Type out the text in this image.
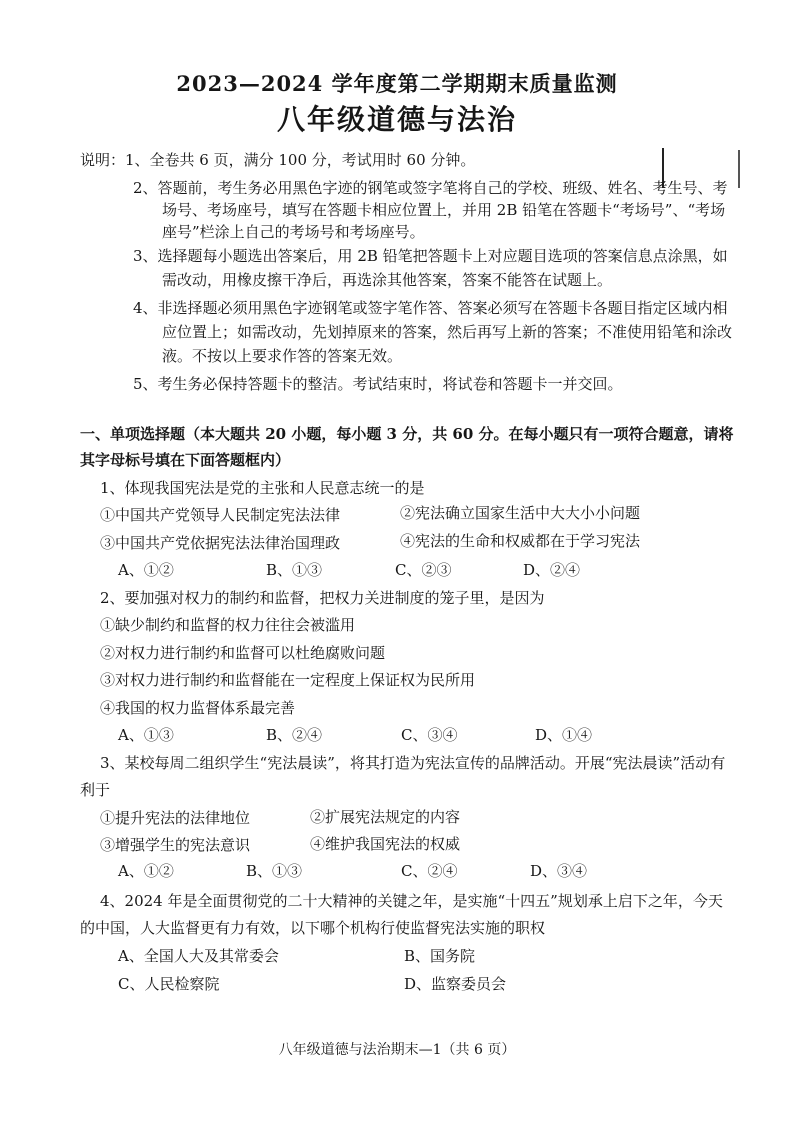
2023—2024 学年度第二学期期末质量监测
八年级道德与法治
说明：1、全卷共 6 页，满分 100 分，考试用时 60 分钟。
2、答题前，考生务必用黑色字迹的钢笔或签字笔将自己的学校、班级、姓名、考生号、考
场号、考场座号，填写在答题卡相应位置上，并用 2B 铅笔在答题卡“考场号”、“考场
座号”栏涂上自己的考场号和考场座号。
3、选择题每小题选出答案后，用 2B 铅笔把答题卡上对应题目选项的答案信息点涂黑，如
需改动，用橡皮擦干净后，再选涂其他答案，答案不能答在试题上。
4、非选择题必须用黑色字迹钢笔或签字笔作答、答案必须写在答题卡各题目指定区域内相
应位置上；如需改动，先划掉原来的答案，然后再写上新的答案；不准使用铅笔和涂改
液。不按以上要求作答的答案无效。
5、考生务必保持答题卡的整洁。考试结束时，将试卷和答题卡一并交回。
一、单项选择题（本大题共 20 小题，每小题 3 分，共 60 分。在每小题只有一项符合题意，请将
其字母标号填在下面答题框内）
1、体现我国宪法是党的主张和人民意志统一的是
①中国共产党领导人民制定宪法法律	②宪法确立国家生活中大大小小问题
③中国共产党依据宪法法律治国理政	④宪法的生命和权威都在于学习宪法
A、①②	B、①③	C、②③	D、②④
2、要加强对权力的制约和监督，把权力关进制度的笼子里，是因为
①缺少制约和监督的权力往往会被滥用
②对权力进行制约和监督可以杜绝腐败问题
③对权力进行制约和监督能在一定程度上保证权为民所用
④我国的权力监督体系最完善
A、①③	B、②④	C、③④	D、①④
3、某校每周二组织学生“宪法晨读”，将其打造为宪法宣传的品牌活动。开展“宪法晨读”活动有
利于
①提升宪法的法律地位	②扩展宪法规定的内容
③增强学生的宪法意识	④维护我国宪法的权威
A、①②	B、①③	C、②④	D、③④
4、2024 年是全面贯彻党的二十大精神的关键之年，是实施“十四五”规划承上启下之年，今天
的中国，人大监督更有力有效，以下哪个机构行使监督宪法实施的职权
A、全国人大及其常委会	B、国务院
C、人民检察院	D、监察委员会
八年级道德与法治期末—1（共 6 页）
